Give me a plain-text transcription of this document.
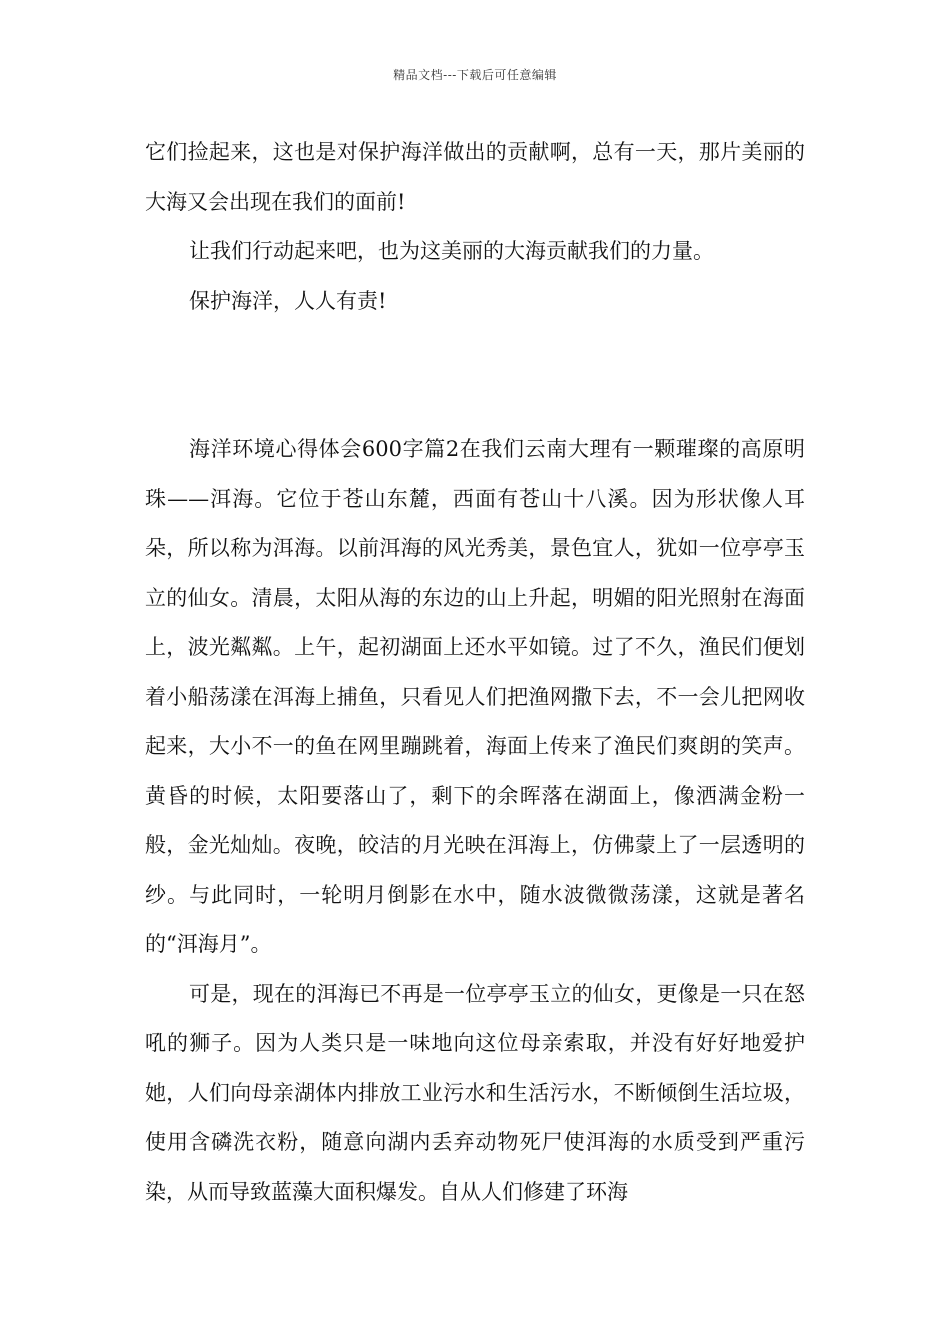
精品文档---下载后可任意编辑

它们捡起来，这也是对保护海洋做出的贡献啊，总有一天，那片美丽的大海又会出现在我们的面前!

让我们行动起来吧，也为这美丽的大海贡献我们的力量。

保护海洋，人人有责!

海洋环境心得体会600字篇2在我们云南大理有一颗璀璨的高原明珠——洱海。它位于苍山东麓，西面有苍山十八溪。因为形状像人耳朵，所以称为洱海。以前洱海的风光秀美，景色宜人，犹如一位亭亭玉立的仙女。清晨，太阳从海的东边的山上升起，明媚的阳光照射在海面上，波光粼粼。上午，起初湖面上还水平如镜。过了不久，渔民们便划着小船荡漾在洱海上捕鱼，只看见人们把渔网撒下去，不一会儿把网收起来，大小不一的鱼在网里蹦跳着，海面上传来了渔民们爽朗的笑声。黄昏的时候，太阳要落山了，剩下的余晖落在湖面上，像洒满金粉一般，金光灿灿。夜晚，皎洁的月光映在洱海上，仿佛蒙上了一层透明的纱。与此同时，一轮明月倒影在水中，随水波微微荡漾，这就是著名的“洱海月”。

可是，现在的洱海已不再是一位亭亭玉立的仙女，更像是一只在怒吼的狮子。因为人类只是一味地向这位母亲索取，并没有好好地爱护她，人们向母亲湖体内排放工业污水和生活污水，不断倾倒生活垃圾，使用含磷洗衣粉，随意向湖内丢弃动物死尸使洱海的水质受到严重污染，从而导致蓝藻大面积爆发。自从人们修建了环海
